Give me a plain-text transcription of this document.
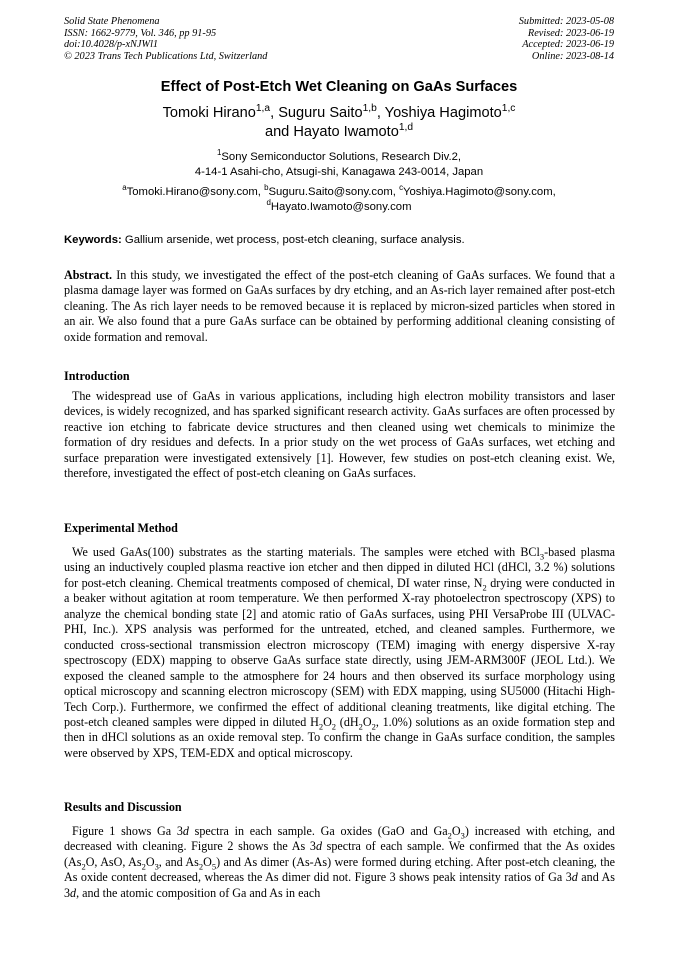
Solid State Phenomena
ISSN: 1662-9779, Vol. 346, pp 91-95
doi:10.4028/p-xNJWl1
© 2023 Trans Tech Publications Ltd, Switzerland
Submitted: 2023-05-08
Revised: 2023-06-19
Accepted: 2023-06-19
Online: 2023-08-14
Effect of Post-Etch Wet Cleaning on GaAs Surfaces
Tomoki Hirano$^{1,a}$, Suguru Saito$^{1,b}$, Yoshiya Hagimoto$^{1,c}$
and Hayato Iwamoto$^{1,d}$
$^1$Sony Semiconductor Solutions, Research Div.2,
4-14-1 Asahi-cho, Atsugi-shi, Kanagawa 243-0014, Japan
$^a$Tomoki.Hirano@sony.com, $^b$Suguru.Saito@sony.com, $^c$Yoshiya.Hagimoto@sony.com,
$^d$Hayato.Iwamoto@sony.com
Keywords: Gallium arsenide, wet process, post-etch cleaning, surface analysis.

Abstract. In this study, we investigated the effect of the post-etch cleaning of GaAs surfaces. We found that a plasma damage layer was formed on GaAs surfaces by dry etching, and an As-rich layer remained after post-etch cleaning. The As rich layer needs to be removed because it is replaced by micron-sized particles when stored in an air. We also found that a pure GaAs surface can be obtained by performing additional cleaning consisting of oxide formation and removal.

Introduction
The widespread use of GaAs in various applications, including high electron mobility transistors and laser devices, is widely recognized, and has sparked significant research activity. GaAs surfaces are often processed by reactive ion etching to fabricate device structures and then cleaned using wet chemicals to minimize the formation of dry residues and defects. In a prior study on the wet process of GaAs surfaces, wet etching and surface preparation were investigated extensively [1]. However, few studies on post-etch cleaning exist. We, therefore, investigated the effect of post-etch cleaning on GaAs surfaces.
Experimental Method
We used GaAs(100) substrates as the starting materials. The samples were etched with BCl$_3$-based plasma using an inductively coupled plasma reactive ion etcher and then dipped in diluted HCl (dHCl, 3.2 %) solutions for post-etch cleaning. Chemical treatments composed of chemical, DI water rinse, $N_2$ drying were conducted in a beaker without agitation at room temperature. We then performed X-ray photoelectron spectroscopy (XPS) to analyze the chemical bonding state [2] and atomic ratio of GaAs surfaces, using PHI VersaProbe III (ULVAC-PHI, Inc.). XPS analysis was performed for the untreated, etched, and cleaned samples. Furthermore, we conducted cross-sectional transmission electron microscopy (TEM) imaging with energy dispersive X-ray spectroscopy (EDX) mapping to observe GaAs surface state directly, using JEM-ARM300F (JEOL Ltd.). We exposed the cleaned sample to the atmosphere for 24 hours and then observed its surface morphology using optical microscopy and scanning electron microscopy (SEM) with EDX mapping, using SU5000 (Hitachi High-Tech Corp.). Furthermore, we confirmed the effect of additional cleaning treatments, like digital etching. The post-etch cleaned samples were dipped in diluted $H_2O_2$ ($dH_2O_2$, 1.0%) solutions as an oxide formation step and then in dHCl solutions as an oxide removal step. To confirm the change in GaAs surface condition, the samples were observed by XPS, TEM-EDX and optical microscopy.
Results and Discussion
Figure 1 shows Ga 3d spectra in each sample. Ga oxides (GaO and $Ga_2O_3$) increased with etching, and decreased with cleaning. Figure 2 shows the As 3d spectra of each sample. We confirmed that the As oxides ($As_2O$, AsO, $As_2O_3$, and $As_2O_5$) and As dimer (As-As) were formed during etching. After post-etch cleaning, the As oxide content decreased, whereas the As dimer did not. Figure 3 shows peak intensity ratios of Ga 3d and As 3d, and the atomic composition of Ga and As in each
